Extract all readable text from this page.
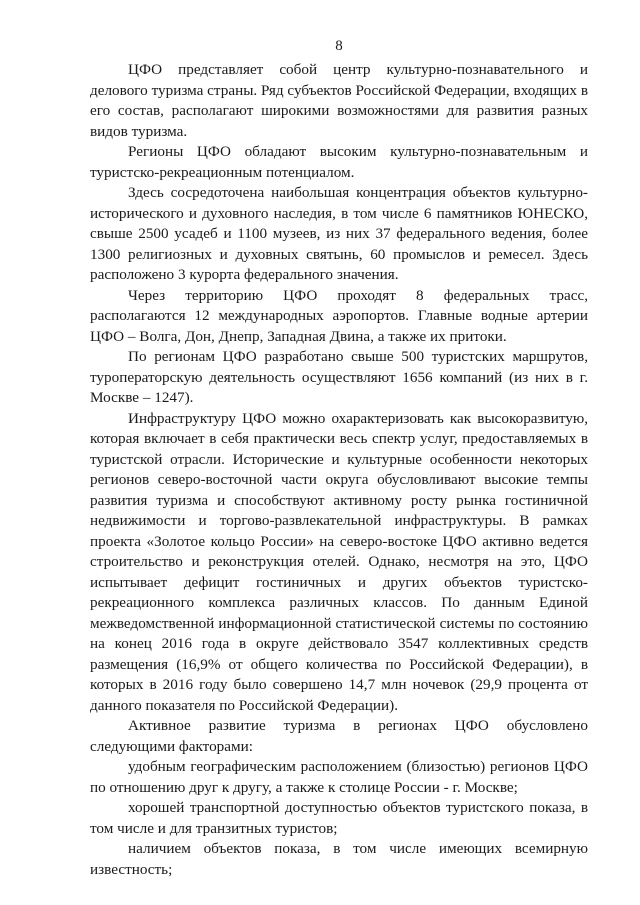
8

ЦФО представляет собой центр культурно-познавательного и делового туризма страны. Ряд субъектов Российской Федерации, входящих в его состав, располагают широкими возможностями для развития разных видов туризма.

Регионы ЦФО обладают высоким культурно-познавательным и туристско-рекреационным потенциалом.

Здесь сосредоточена наибольшая концентрация объектов культурно-исторического и духовного наследия, в том числе 6 памятников ЮНЕСКО, свыше 2500 усадеб и 1100 музеев, из них 37 федерального ведения, более 1300 религиозных и духовных святынь, 60 промыслов и ремесел. Здесь расположено 3 курорта федерального значения.

Через территорию ЦФО проходят 8 федеральных трасс, располагаются 12 международных аэропортов. Главные водные артерии ЦФО – Волга, Дон, Днепр, Западная Двина, а также их притоки.

По регионам ЦФО разработано свыше 500 туристских маршрутов, туроператорскую деятельность осуществляют 1656 компаний (из них в г. Москве – 1247).

Инфраструктуру ЦФО можно охарактеризовать как высокоразвитую, которая включает в себя практически весь спектр услуг, предоставляемых в туристской отрасли. Исторические и культурные особенности некоторых регионов северо-восточной части округа обусловливают высокие темпы развития туризма и способствуют активному росту рынка гостиничной недвижимости и торгово-развлекательной инфраструктуры. В рамках проекта «Золотое кольцо России» на северо-востоке ЦФО активно ведется строительство и реконструкция отелей. Однако, несмотря на это, ЦФО испытывает дефицит гостиничных и других объектов туристско-рекреационного комплекса различных классов. По данным Единой межведомственной информационной статистической системы по состоянию на конец 2016 года в округе действовало 3547 коллективных средств размещения (16,9% от общего количества по Российской Федерации), в которых в 2016 году было совершено 14,7 млн ночевок (29,9 процента от данного показателя по Российской Федерации).

Активное развитие туризма в регионах ЦФО обусловлено следующими факторами:

удобным географическим расположением (близостью) регионов ЦФО по отношению друг к другу, а также к столице России - г. Москве;

хорошей транспортной доступностью объектов туристского показа, в том числе и для транзитных туристов;

наличием объектов показа, в том числе имеющих всемирную известность;
